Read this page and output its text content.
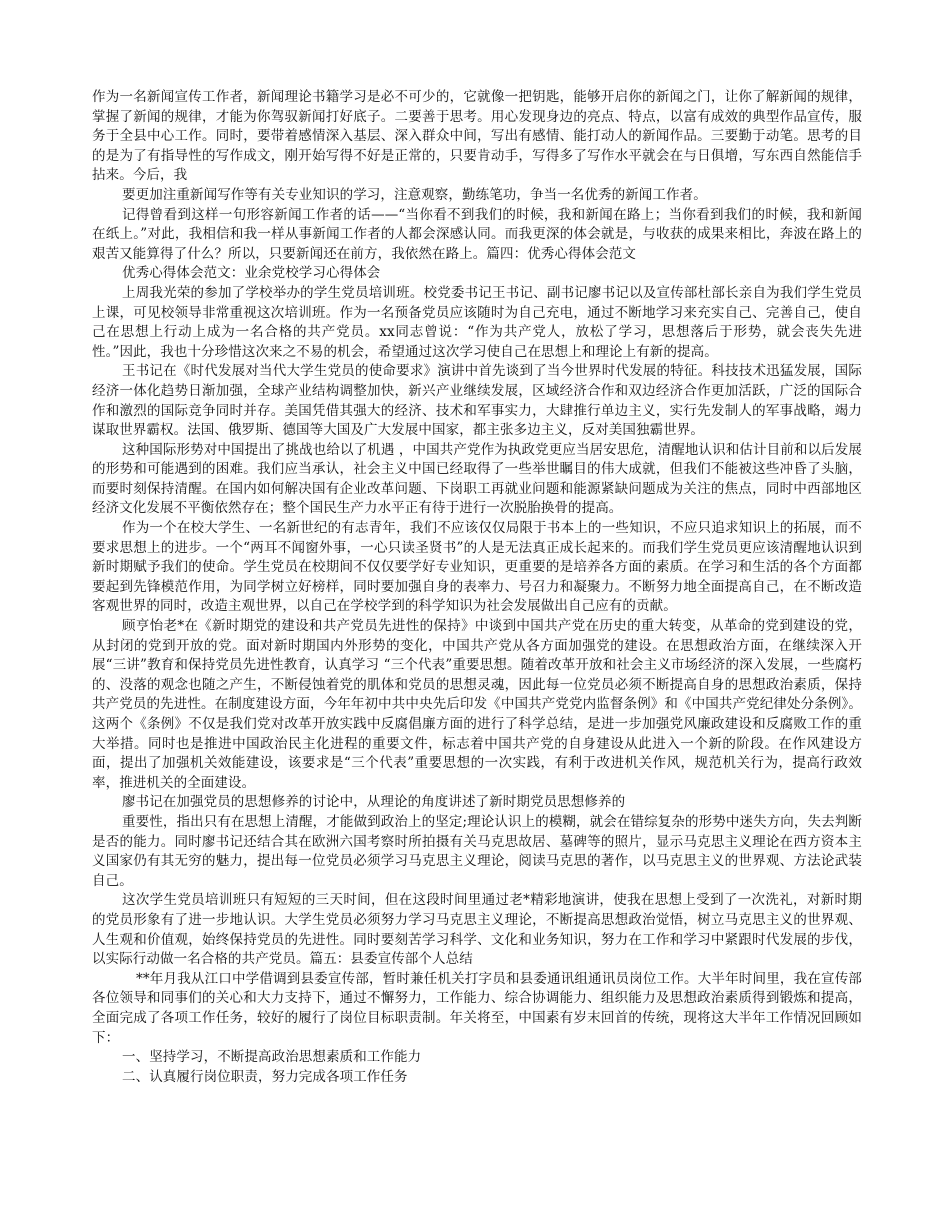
作为一名新闻宣传工作者，新闻理论书籍学习是必不可少的，它就像一把钥匙，能够开启你的新闻之门，让你了解新闻的规律，掌握了新闻的规律，才能为你驾驭新闻打好底子。二要善于思考。用心发现身边的亮点、特点，以富有成效的典型作品宣传，服务于全县中心工作。同时，要带着感情深入基层、深入群众中间，写出有感情、能打动人的新闻作品。三要勤于动笔。思考的目的是为了有指导性的写作成文，刚开始写得不好是正常的，只要肯动手，写得多了写作水平就会在与日俱增，写东西自然能信手拈来。今后，我

要更加注重新闻写作等有关专业知识的学习，注意观察，勤练笔功，争当一名优秀的新闻工作者。

记得曾看到这样一句形容新闻工作者的话——“当你看不到我们的时候，我和新闻在路上；当你看到我们的时候，我和新闻在纸上。”对此，我相信和我一样从事新闻工作者的人都会深感认同。而我更深的体会就是，与收获的成果来相比，奔波在路上的艰苦又能算得了什么？所以，只要新闻还在前方，我依然在路上。篇四：优秀心得体会范文

优秀心得体会范文：业余党校学习心得体会

上周我光荣的参加了学校举办的学生党员培训班。校党委书记王书记、副书记廖书记以及宣传部杜部长亲自为我们学生党员上课，可见校领导非常重视这次培训班。作为一名预备党员应该随时为自己充电，通过不断地学习来充实自己、完善自己，使自己在思想上行动上成为一名合格的共产党员。xx同志曾说：“作为共产党人，放松了学习，思想落后于形势，就会丧失先进性。”因此，我也十分珍惜这次来之不易的机会，希望通过这次学习使自己在思想上和理论上有新的提高。

王书记在《时代发展对当代大学生党员的使命要求》演讲中首先谈到了当今世界时代发展的特征。科技技术迅猛发展，国际经济一体化趋势日渐加强，全球产业结构调整加快，新兴产业继续发展，区域经济合作和双边经济合作更加活跃，广泛的国际合作和激烈的国际竞争同时并存。美国凭借其强大的经济、技术和军事实力，大肆推行单边主义，实行先发制人的军事战略，竭力谋取世界霸权。法国、俄罗斯、德国等大国及广大发展中国家，都主张多边主义，反对美国独霸世界。

这种国际形势对中国提出了挑战也给以了机遇 ，中国共产党作为执政党更应当居安思危，清醒地认识和估计目前和以后发展的形势和可能遇到的困难。我们应当承认，社会主义中国已经取得了一些举世瞩目的伟大成就，但我们不能被这些冲昏了头脑，而要时刻保持清醒。在国内如何解决国有企业改革问题、下岗职工再就业问题和能源紧缺问题成为关注的焦点，同时中西部地区经济文化发展不平衡依然存在；整个国民生产力水平正有待于进行一次脱胎换骨的提高。

作为一个在校大学生、一名新世纪的有志青年，我们不应该仅仅局限于书本上的一些知识，不应只追求知识上的拓展，而不要求思想上的进步。一个“两耳不闻窗外事，一心只读圣贤书”的人是无法真正成长起来的。而我们学生党员更应该清醒地认识到新时期赋予我们的使命。学生党员在校期间不仅仅要学好专业知识，更重要的是培养各方面的素质。在学习和生活的各个方面都要起到先锋模范作用，为同学树立好榜样，同时要加强自身的表率力、号召力和凝聚力。不断努力地全面提高自己，在不断改造客观世界的同时，改造主观世界，以自己在学校学到的科学知识为社会发展做出自己应有的贡献。

顾亨怡老*在《新时期党的建设和共产党员先进性的保持》中谈到中国共产党在历史的重大转变，从革命的党到建设的党，从封闭的党到开放的党。面对新时期国内外形势的变化，中国共产党从各方面加强党的建设。在思想政治方面，在继续深入开展“三讲”教育和保持党员先进性教育，认真学习 “三个代表”重要思想。随着改革开放和社会主义市场经济的深入发展，一些腐朽的、没落的观念也随之产生，不断侵蚀着党的肌体和党员的思想灵魂，因此每一位党员必须不断提高自身的思想政治素质，保持共产党员的先进性。在制度建设方面，今年年初中共中央先后印发《中国共产党党内监督条例》和《中国共产党纪律处分条例》。这两个《条例》不仅是我们党对改革开放实践中反腐倡廉方面的进行了科学总结，是进一步加强党风廉政建设和反腐败工作的重大举措。同时也是推进中国政治民主化进程的重要文件，标志着中国共产党的自身建设从此进入一个新的阶段。在作风建设方面，提出了加强机关效能建设，该要求是“三个代表”重要思想的一次实践，有利于改进机关作风，规范机关行为，提高行政效率，推进机关的全面建设。

廖书记在加强党员的思想修养的讨论中，从理论的角度讲述了新时期党员思想修养的

重要性，指出只有在思想上清醒，才能做到政治上的坚定;理论认识上的模糊，就会在错综复杂的形势中迷失方向，失去判断是否的能力。同时廖书记还结合其在欧洲六国考察时所拍摄有关马克思故居、墓碑等的照片，显示马克思主义理论在西方资本主义国家仍有其无穷的魅力，提出每一位党员必须学习马克思主义理论，阅读马克思的著作，以马克思主义的世界观、方法论武装自己。

这次学生党员培训班只有短短的三天时间，但在这段时间里通过老*精彩地演讲，使我在思想上受到了一次洗礼，对新时期的党员形象有了进一步地认识。大学生党员必须努力学习马克思主义理论，不断提高思想政治觉悟，树立马克思主义的世界观、人生观和价值观，始终保持党员的先进性。同时要刻苦学习科学、文化和业务知识，努力在工作和学习中紧跟时代发展的步伐，以实际行动做一名合格的共产党员。篇五：县委宣传部个人总结

**年月我从江口中学借调到县委宣传部，暂时兼任机关打字员和县委通讯组通讯员岗位工作。大半年时间里，我在宣传部各位领导和同事们的关心和大力支持下，通过不懈努力，工作能力、综合协调能力、组织能力及思想政治素质得到锻炼和提高，全面完成了各项工作任务，较好的履行了岗位目标职责制。年关将至，中国素有岁末回首的传统，现将这大半年工作情况回顾如下：

一、坚持学习，不断提高政治思想素质和工作能力

二、认真履行岗位职责，努力完成各项工作任务
